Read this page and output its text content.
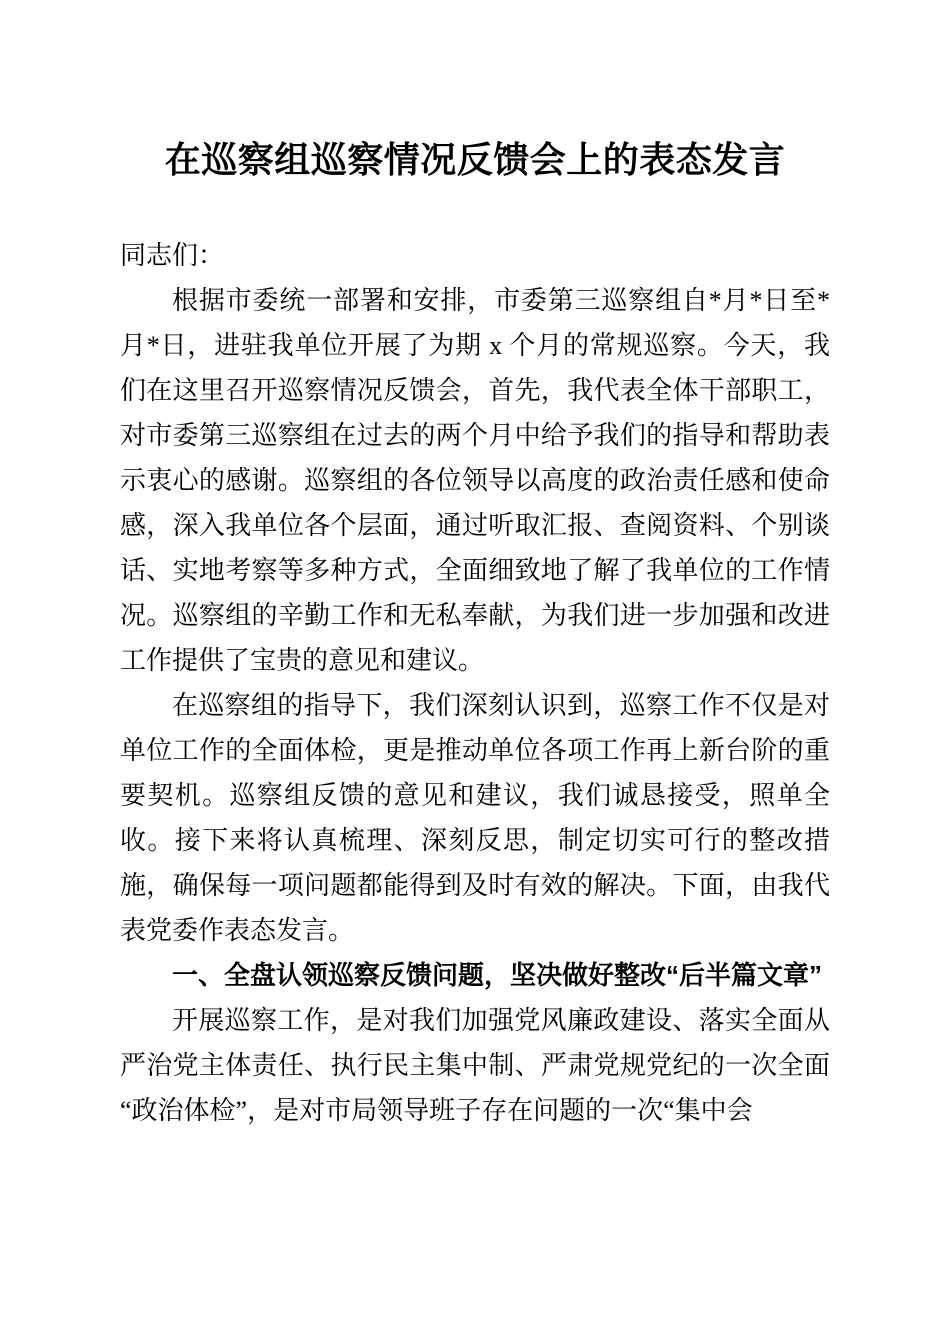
在巡察组巡察情况反馈会上的表态发言

同志们：

根据市委统一部署和安排，市委第三巡察组自*月*日至*月*日，进驻我单位开展了为期 x 个月的常规巡察。今天，我们在这里召开巡察情况反馈会，首先，我代表全体干部职工，对市委第三巡察组在过去的两个月中给予我们的指导和帮助表示衷心的感谢。巡察组的各位领导以高度的政治责任感和使命感，深入我单位各个层面，通过听取汇报、查阅资料、个别谈话、实地考察等多种方式，全面细致地了解了我单位的工作情况。巡察组的辛勤工作和无私奉献，为我们进一步加强和改进工作提供了宝贵的意见和建议。

在巡察组的指导下，我们深刻认识到，巡察工作不仅是对单位工作的全面体检，更是推动单位各项工作再上新台阶的重要契机。巡察组反馈的意见和建议，我们诚恳接受，照单全收。接下来将认真梳理、深刻反思，制定切实可行的整改措施，确保每一项问题都能得到及时有效的解决。下面，由我代表党委作表态发言。

一、全盘认领巡察反馈问题，坚决做好整改“后半篇文章”

开展巡察工作，是对我们加强党风廉政建设、落实全面从严治党主体责任、执行民主集中制、严肃党规党纪的一次全面“政治体检”，是对市局领导班子存在问题的一次“集中会
